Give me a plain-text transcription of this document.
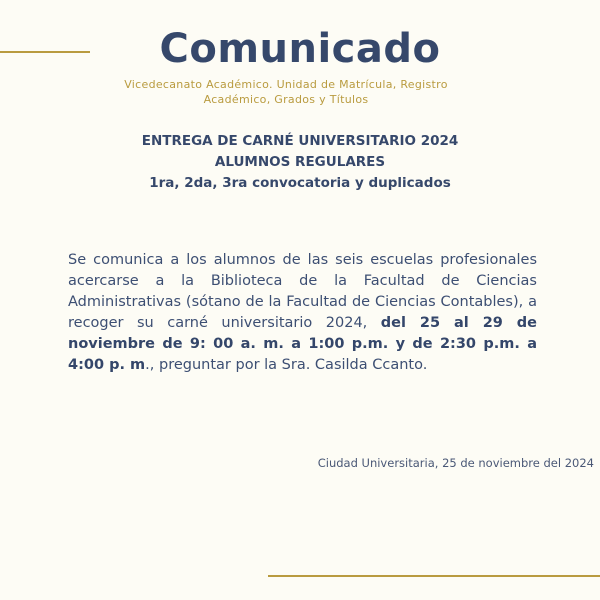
Comunicado
Vicedecanato Académico. Unidad de Matrícula, Registro
Académico, Grados y Títulos
ENTREGA DE CARNÉ UNIVERSITARIO 2024
ALUMNOS REGULARES
1ra, 2da, 3ra convocatoria y duplicados
Se comunica a los alumnos de las seis escuelas profesionales acercarse a la Biblioteca de la Facultad de Ciencias Administrativas (sótano de la Facultad de Ciencias Contables), a recoger su carné universitario 2024, del 25 al 29 de noviembre de 9: 00 a. m. a 1:00 p.m. y de 2:30 p.m. a 4:00 p. m., preguntar por la Sra. Casilda Ccanto.
Ciudad Universitaria, 25 de noviembre del 2024
